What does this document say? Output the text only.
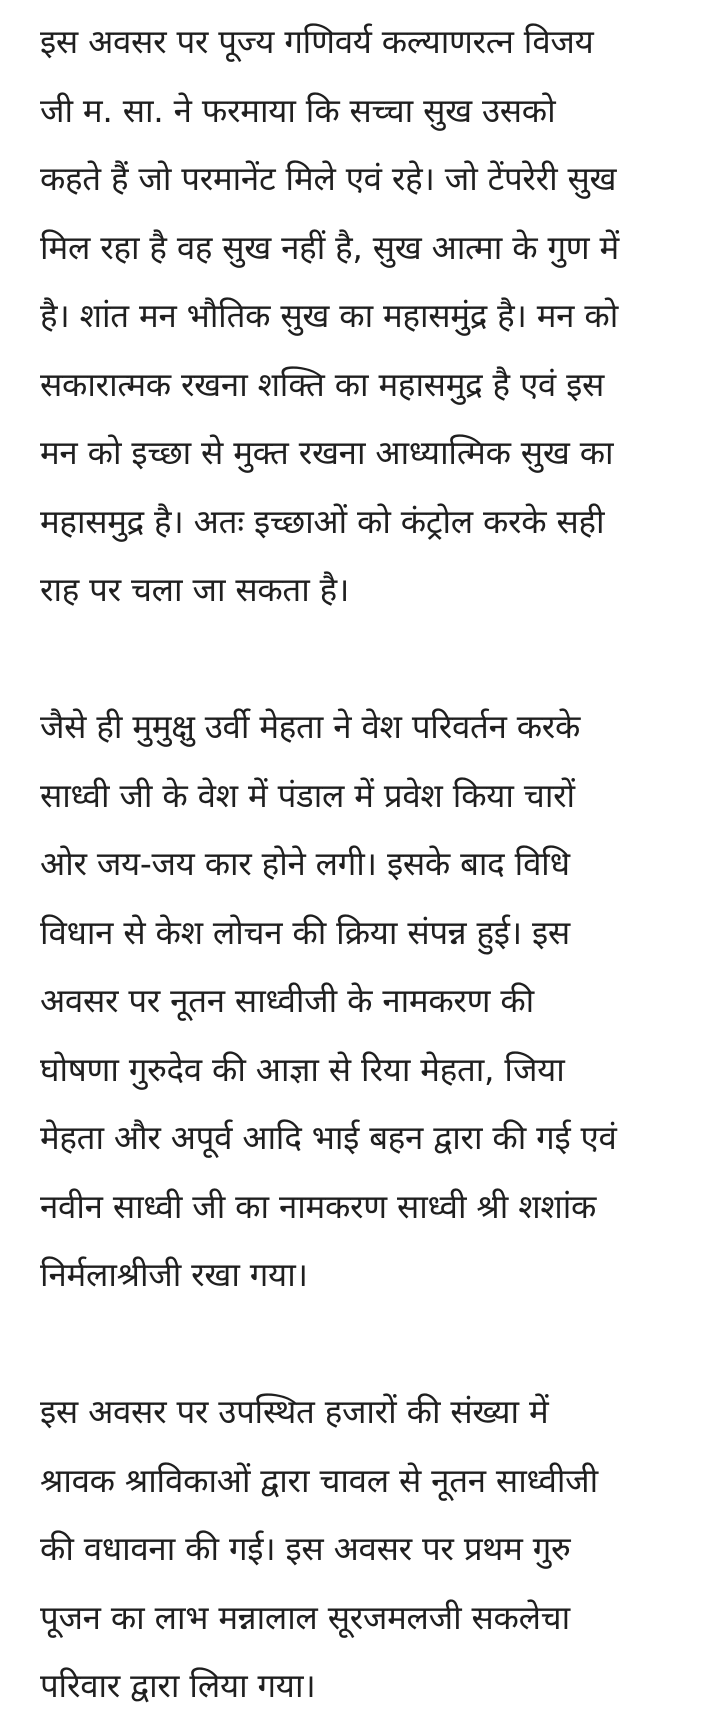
इस अवसर पर पूज्य गणिवर्य कल्याणरत्न विजय
जी म. सा. ने फरमाया कि सच्चा सुख उसको
कहते हैं जो परमानेंट मिले एवं रहे। जो टेंपरेरी सुख
मिल रहा है वह सुख नहीं है, सुख आत्मा के गुण में
है। शांत मन भौतिक सुख का महासमुंद्र है। मन को
सकारात्मक रखना शक्ति का महासमुद्र है एवं इस
मन को इच्छा से मुक्त रखना आध्यात्मिक सुख का
महासमुद्र है। अतः इच्छाओं को कंट्रोल करके सही
राह पर चला जा सकता है।

जैसे ही मुमुक्षु उर्वी मेहता ने वेश परिवर्तन करके
साध्वी जी के वेश में पंडाल में प्रवेश किया चारों
ओर जय-जय कार होने लगी। इसके बाद विधि
विधान से केश लोचन की क्रिया संपन्न हुई। इस
अवसर पर नूतन साध्वीजी के नामकरण की
घोषणा गुरुदेव की आज्ञा से रिया मेहता, जिया
मेहता और अपूर्व आदि भाई बहन द्वारा की गई एवं
नवीन साध्वी जी का नामकरण साध्वी श्री शशांक
निर्मलाश्रीजी रखा गया।

इस अवसर पर उपस्थित हजारों की संख्या में
श्रावक श्राविकाओं द्वारा चावल से नूतन साध्वीजी
की वधावना की गई। इस अवसर पर प्रथम गुरु
पूजन का लाभ मन्नालाल सूरजमलजी सकलेचा
परिवार द्वारा लिया गया।
